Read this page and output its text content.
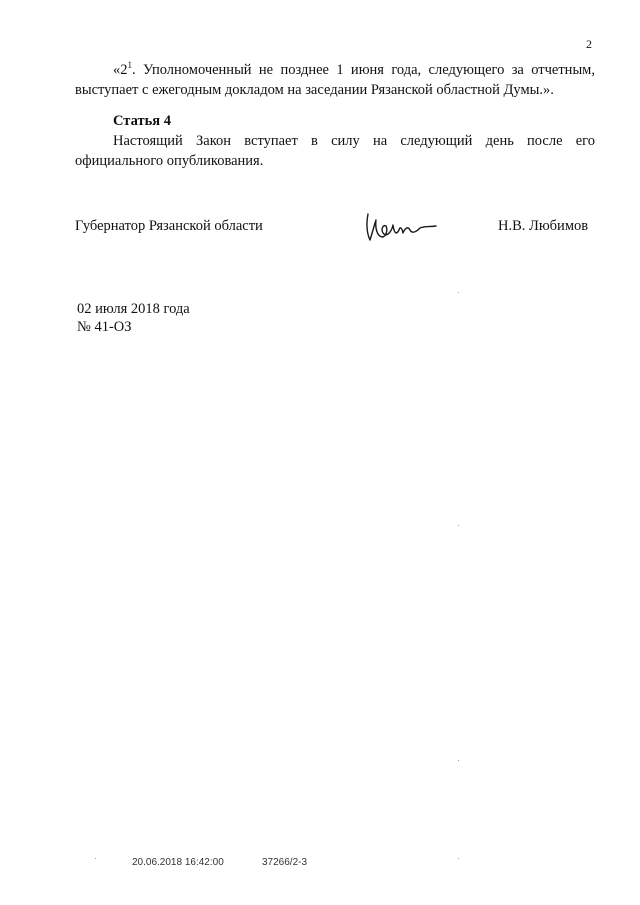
2
«$2^1$. Уполномоченный не позднее 1 июня года, следующего за отчетным,
выступает с ежегодным докладом на заседании Рязанской областной Думы.».
Статья 4
Настоящий Закон вступает в силу на следующий день после его
официального опубликования.
Губернатор Рязанской области	Н.В. Любимов
02 июля 2018 года
№ 41-ОЗ
20.06.2018 16:42:00	37266/2-3
